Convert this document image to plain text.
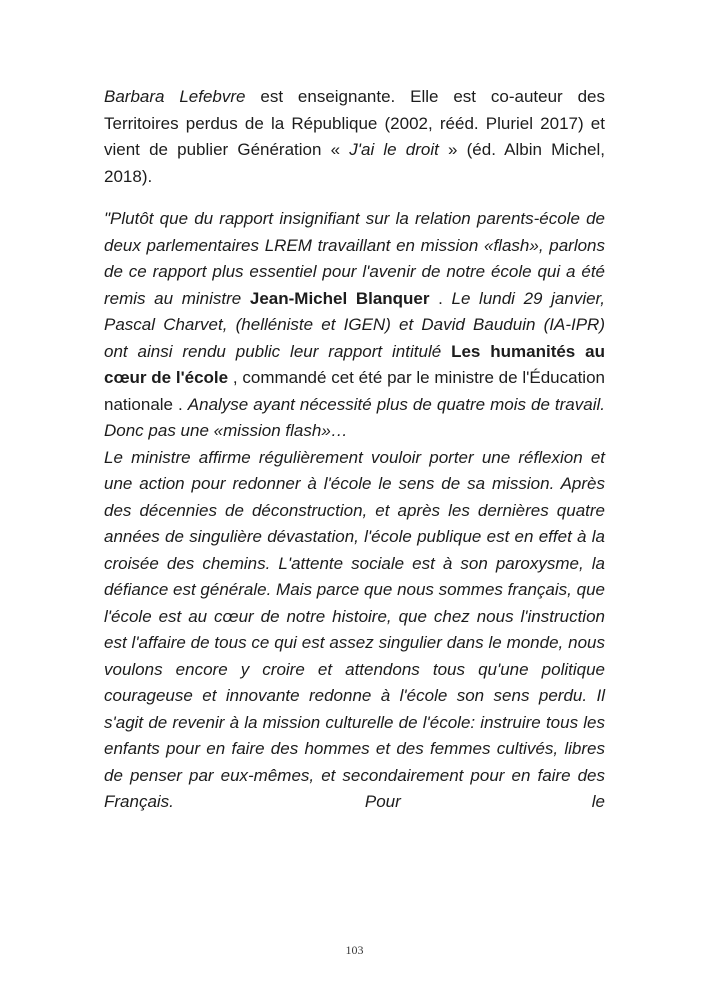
Barbara Lefebvre est enseignante. Elle est co-auteur des Territoires perdus de la République (2002, rééd. Pluriel 2017) et vient de publier Génération « J'ai le droit » (éd. Albin Michel, 2018).

"Plutôt que du rapport insignifiant sur la relation parents-école de deux parlementaires LREM travaillant en mission «flash», parlons de ce rapport plus essentiel pour l'avenir de notre école qui a été remis au ministre Jean-Michel Blanquer . Le lundi 29 janvier, Pascal Charvet, (helléniste et IGEN) et David Bauduin (IA-IPR) ont ainsi rendu public leur rapport intitulé Les humanités au cœur de l'école , commandé cet été par le ministre de l'Éducation nationale . Analyse ayant nécessité plus de quatre mois de travail. Donc pas une «mission flash»…

Le ministre affirme régulièrement vouloir porter une réflexion et une action pour redonner à l'école le sens de sa mission. Après des décennies de déconstruction, et après les dernières quatre années de singulière dévastation, l'école publique est en effet à la croisée des chemins. L'attente sociale est à son paroxysme, la défiance est générale. Mais parce que nous sommes français, que l'école est au cœur de notre histoire, que chez nous l'instruction est l'affaire de tous ce qui est assez singulier dans le monde, nous voulons encore y croire et attendons tous qu'une politique courageuse et innovante redonne à l'école son sens perdu. Il s'agit de revenir à la mission culturelle de l'école: instruire tous les enfants pour en faire des hommes et des femmes cultivés, libres de penser par eux-mêmes, et secondairement pour en faire des Français. Pour le

103
